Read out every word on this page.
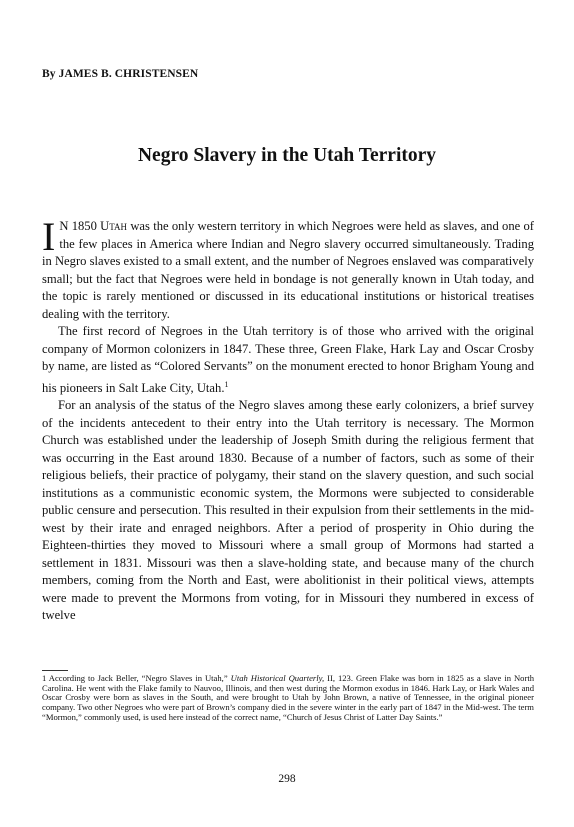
By JAMES B. CHRISTENSEN
Negro Slavery in the Utah Territory

I N 1850 Utah was the only western territory in which Negroes were held as slaves, and one of the few places in America where Indian and Negro slavery occurred simultaneously. Trading in Negro slaves existed to a small extent, and the number of Negroes enslaved was comparatively small; but the fact that Negroes were held in bondage is not generally known in Utah today, and the topic is rarely mentioned or discussed in its educational institutions or historical treatises dealing with the territory.

The first record of Negroes in the Utah territory is of those who arrived with the original company of Mormon colonizers in 1847. These three, Green Flake, Hark Lay and Oscar Crosby by name, are listed as “Colored Servants” on the monument erected to honor Brigham Young and his pioneers in Salt Lake City, Utah.$^1$

For an analysis of the status of the Negro slaves among these early colonizers, a brief survey of the incidents antecedent to their entry into the Utah territory is necessary. The Mormon Church was established under the leadership of Joseph Smith during the religious ferment that was occurring in the East around 1830. Because of a number of factors, such as some of their religious beliefs, their practice of polygamy, their stand on the slavery question, and such social institutions as a communistic economic system, the Mormons were subjected to considerable public censure and persecution. This resulted in their expulsion from their settlements in the mid-west by their irate and enraged neighbors. After a period of prosperity in Ohio during the Eighteen-thirties they moved to Missouri where a small group of Mormons had started a settlement in 1831. Missouri was then a slave-holding state, and because many of the church members, coming from the North and East, were abolitionist in their political views, attempts were made to prevent the Mormons from voting, for in Missouri they numbered in excess of twelve

1 According to Jack Beller, “Negro Slaves in Utah,” Utah Historical Quarterly, II, 123. Green Flake was born in 1825 as a slave in North Carolina. He went with the Flake family to Nauvoo, Illinois, and then west during the Mormon exodus in 1846. Hark Lay, or Hark Wales and Oscar Crosby were born as slaves in the South, and were brought to Utah by John Brown, a native of Tennessee, in the original pioneer company. Two other Negroes who were part of Brown’s company died in the severe winter in the early part of 1847 in the Mid-west. The term “Mormon,” commonly used, is used here instead of the correct name, “Church of Jesus Christ of Latter Day Saints.”

298
